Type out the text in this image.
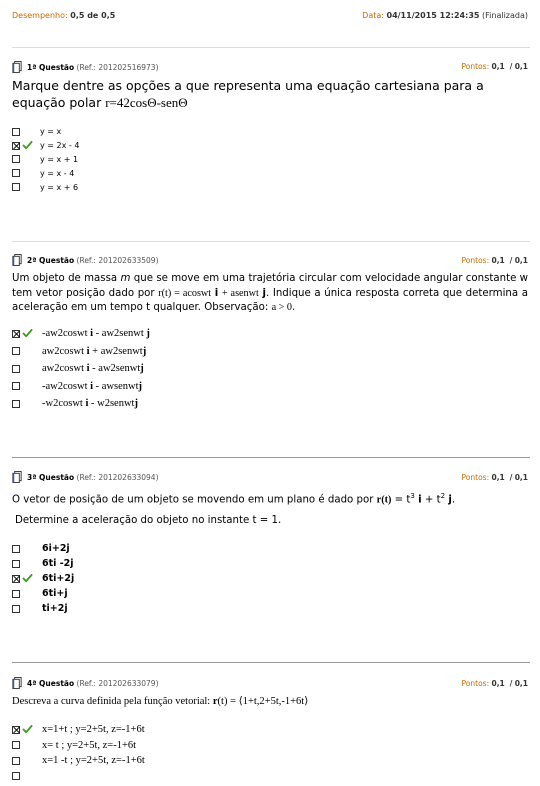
Desempenho: 0,5 de 0,5	Data: 04/11/2015 12:24:35 (Finalizada)
1ª Questão (Ref.: 201202516973)	Pontos: 0,1 / 0,1
Marque dentre as opções a que representa uma equação cartesiana para a
equação polar r=42cosΘ-senΘ
y = x
y = 2x - 4
y = x + 1
y = x - 4
y = x + 6
2ª Questão (Ref.: 201202633509)	Pontos: 0,1 / 0,1
Um objeto de massa m que se move em uma trajetória circular com velocidade angular constante w tem vetor posição dado por r(t) = acoswt i + asenwt j. Indique a única resposta correta que determina a aceleração em um tempo t qualquer. Observação: a > 0.
-aw2coswt i - aw2senwt j
aw2coswt i + aw2senwtj
aw2coswt i - aw2senwtj
-aw2coswt i - awsenwtj
-w2coswt i - w2senwtj
3ª Questão (Ref.: 201202633094)	Pontos: 0,1 / 0,1
O vetor de posição de um objeto se movendo em um plano é dado por $r(t) = t^3$ $i + t^2$ j.
Determine a aceleração do objeto no instante t = 1.
6i+2j
6ti -2j
6ti+2j
6ti+j
ti+2j
4ª Questão (Ref.: 201202633079)	Pontos: 0,1 / 0,1
Descreva a curva definida pela função vetorial: r(t) = ⟨1+t,2+5t,-1+6t⟩
x=1+t ; y=2+5t, z=-1+6t
x= t ; y=2+5t, z=-1+6t
x=1 -t ; y=2+5t, z=-1+6t
